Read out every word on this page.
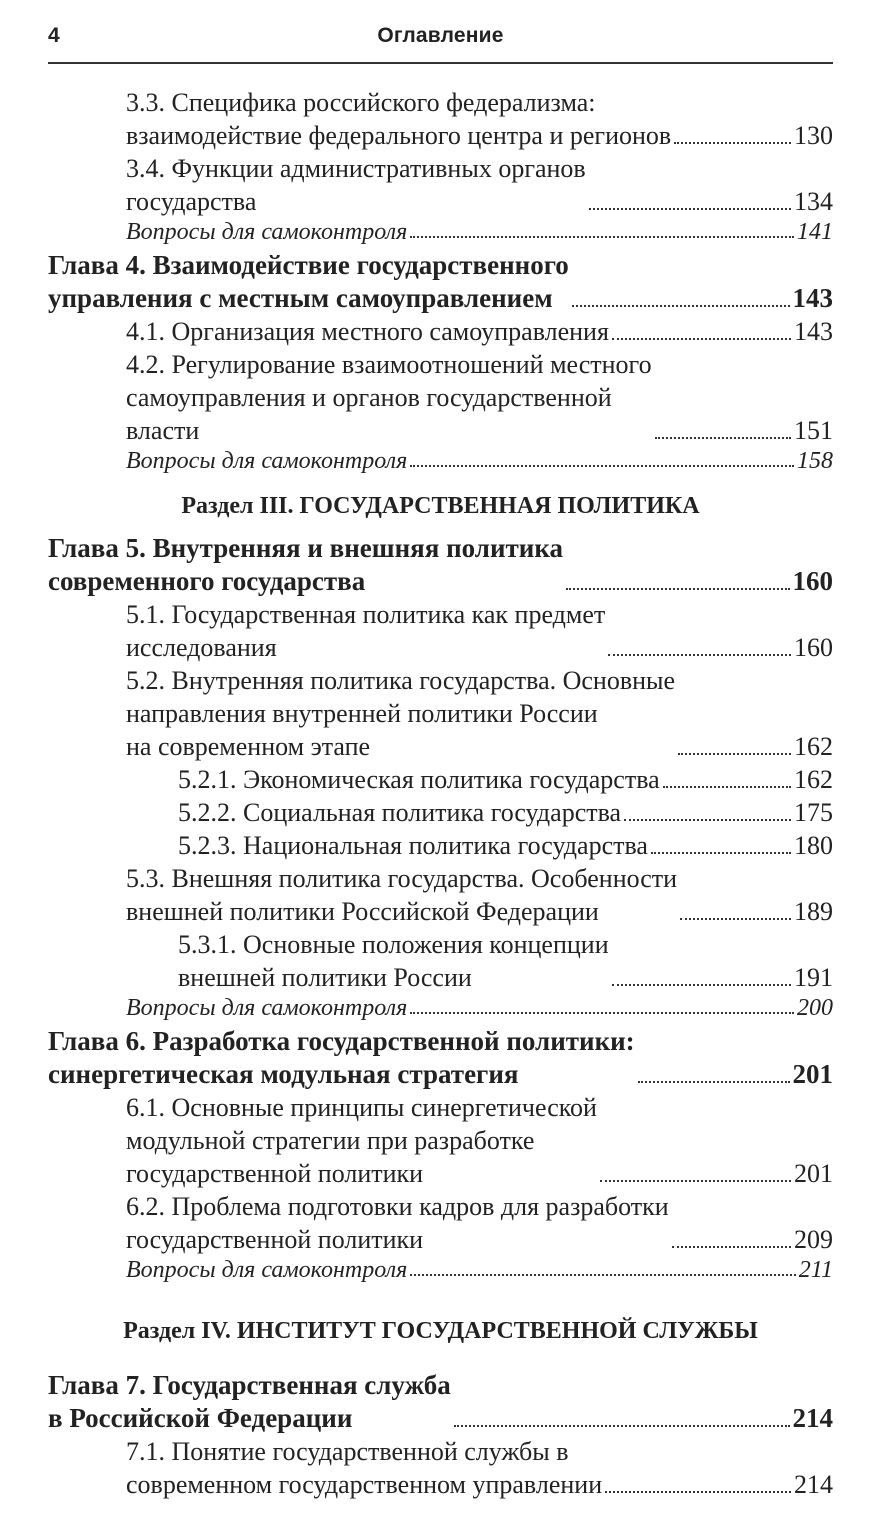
4	Оглавление
3.3. Специфика российского федерализма:
взаимодействие федерального центра и регионов	130
3.4. Функции административных органов
государства	134
Вопросы для самоконтроля	141
Глава 4. Взаимодействие государственного
управления с местным самоуправлением	143
4.1. Организация местного самоуправления	143
4.2. Регулирование взаимоотношений местного
самоуправления и органов государственной
власти	151
Вопросы для самоконтроля	158
Раздел III. ГОСУДАРСТВЕННАЯ ПОЛИТИКА
Глава 5. Внутренняя и внешняя политика
современного государства	160
5.1. Государственная политика как предмет
исследования	160
5.2. Внутренняя политика государства. Основные
направления внутренней политики России
на современном этапе	162
5.2.1. Экономическая политика государства	162
5.2.2. Социальная политика государства	175
5.2.3. Национальная политика государства	180
5.3. Внешняя политика государства. Особенности
внешней политики Российской Федерации	189
5.3.1. Основные положения концепции
внешней политики России	191
Вопросы для самоконтроля	200
Глава 6. Разработка государственной политики:
синергетическая модульная стратегия	201
6.1. Основные принципы синергетической
модульной стратегии при разработке
государственной политики	201
6.2. Проблема подготовки кадров для разработки
государственной политики	209
Вопросы для самоконтроля	211
Раздел IV. ИНСТИТУТ ГОСУДАРСТВЕННОЙ СЛУЖБЫ
Глава 7. Государственная служба
в Российской Федерации	214
7.1. Понятие государственной службы в
современном государственном управлении	214
